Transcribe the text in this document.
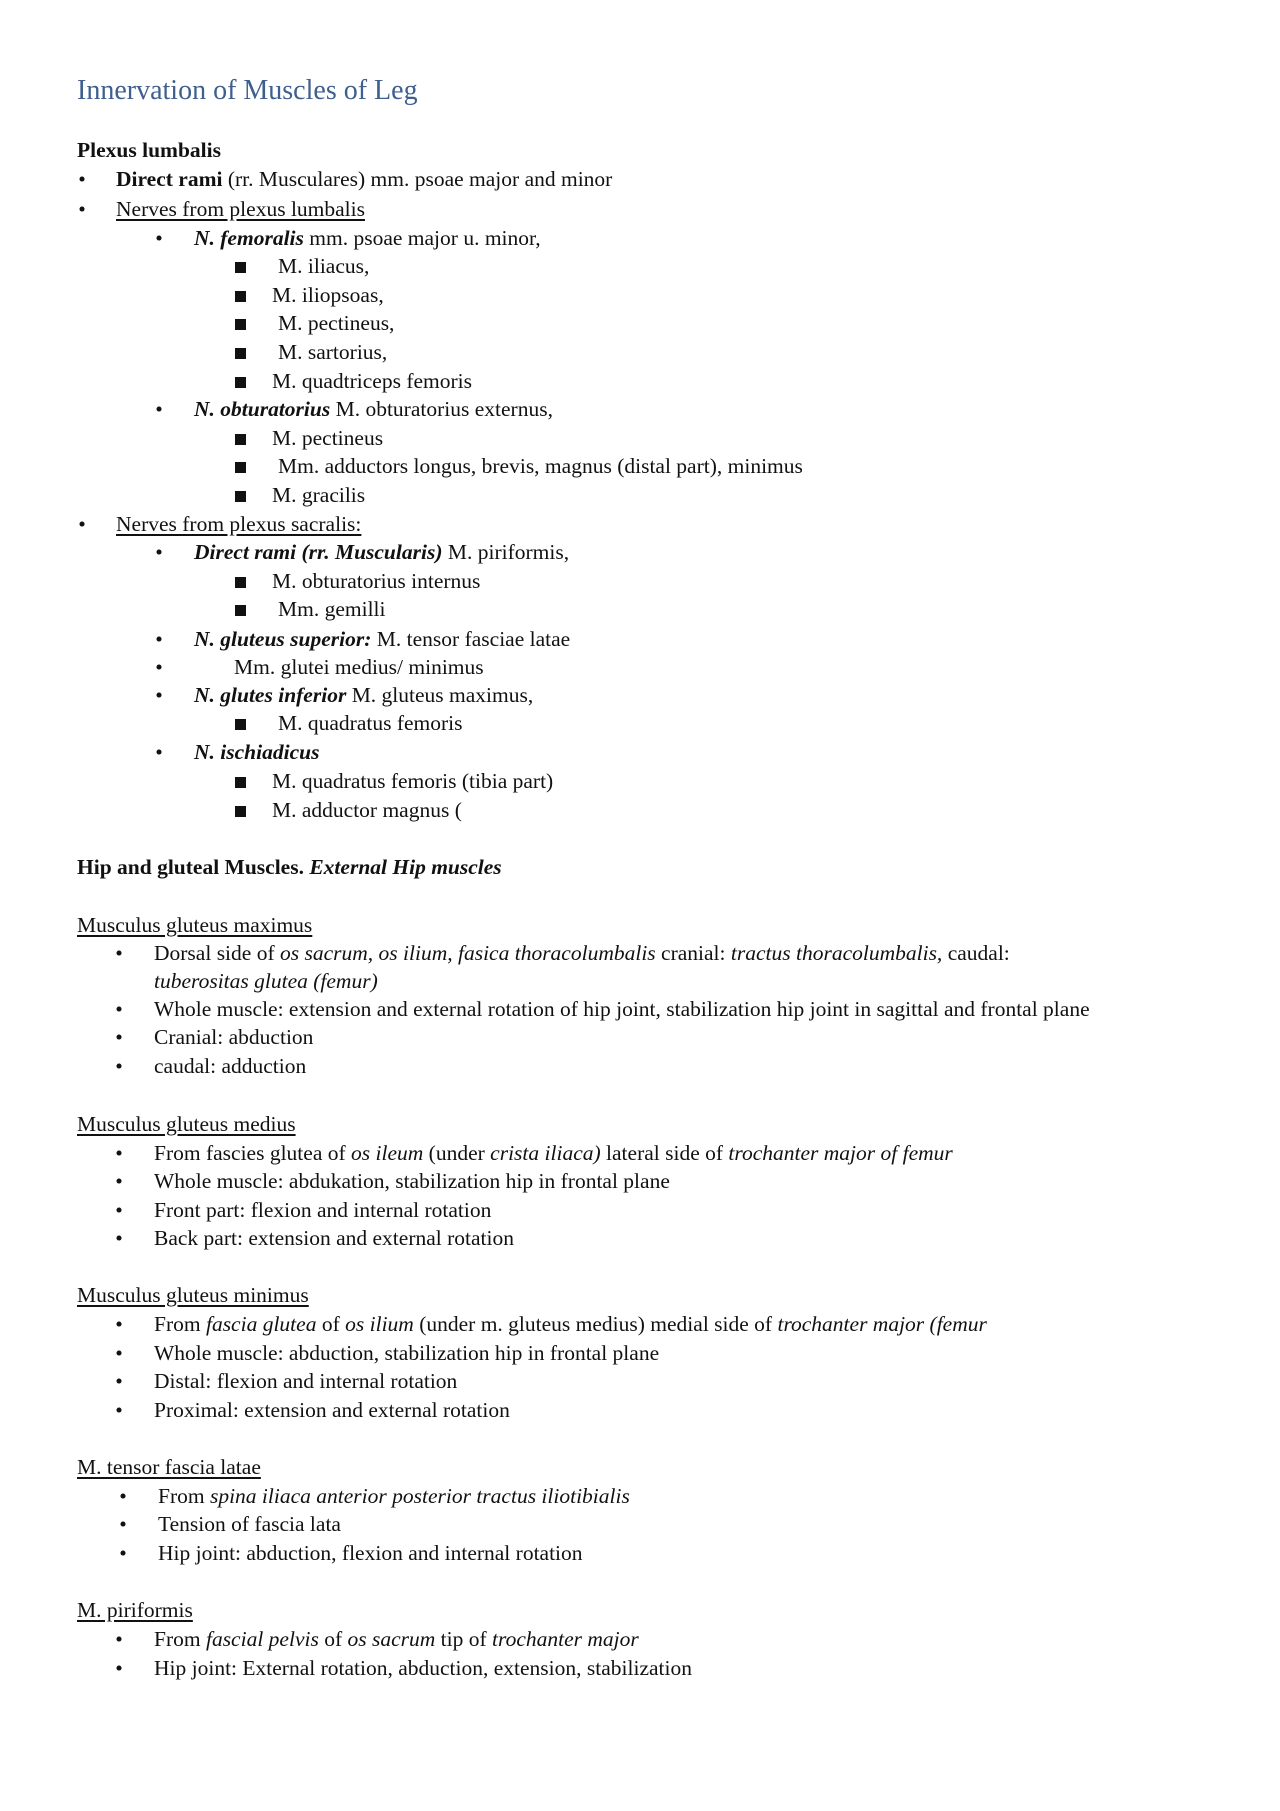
Innervation of Muscles of Leg
Plexus lumbalis
• Direct rami (rr. Musculares) mm. psoae major and minor
• Nerves from plexus lumbalis
• N. femoralis mm. psoae major u. minor,
M. iliacus,
M. iliopsoas,
M. pectineus,
M. sartorius,
M. quadtriceps femoris
• N. obturatorius M. obturatorius externus,
M. pectineus
Mm. adductors longus, brevis, magnus (distal part), minimus
M. gracilis
• Nerves from plexus sacralis:
• Direct rami (rr. Muscularis) M. piriformis,
M. obturatorius internus
Mm. gemilli
• N. gluteus superior: M. tensor fasciae latae
•	Mm. glutei medius/ minimus
• N. glutes inferior M. gluteus maximus,
M. quadratus femoris
• N. ischiadicus
M. quadratus femoris (tibia part)
M. adductor magnus (
Hip and gluteal Muscles. External Hip muscles
Musculus gluteus maximus
• Dorsal side of os sacrum, os ilium, fasica thoracolumbalis cranial: tractus thoracolumbalis, caudal:
tuberositas glutea (femur)
• Whole muscle: extension and external rotation of hip joint, stabilization hip joint in sagittal and frontal plane
• Cranial: abduction
• caudal: adduction
Musculus gluteus medius
• From fascies glutea of os ileum (under crista iliaca) lateral side of trochanter major of femur
• Whole muscle: abdukation, stabilization hip in frontal plane
• Front part: flexion and internal rotation
• Back part: extension and external rotation
Musculus gluteus minimus
• From fascia glutea of os ilium (under m. gluteus medius) medial side of trochanter major (femur
• Whole muscle: abduction, stabilization hip in frontal plane
• Distal: flexion and internal rotation
• Proximal: extension and external rotation
M. tensor fascia latae
• From spina iliaca anterior posterior tractus iliotibialis
• Tension of fascia lata
• Hip joint: abduction, flexion and internal rotation
M. piriformis
• From fascial pelvis of os sacrum tip of trochanter major
• Hip joint: External rotation, abduction, extension, stabilization
